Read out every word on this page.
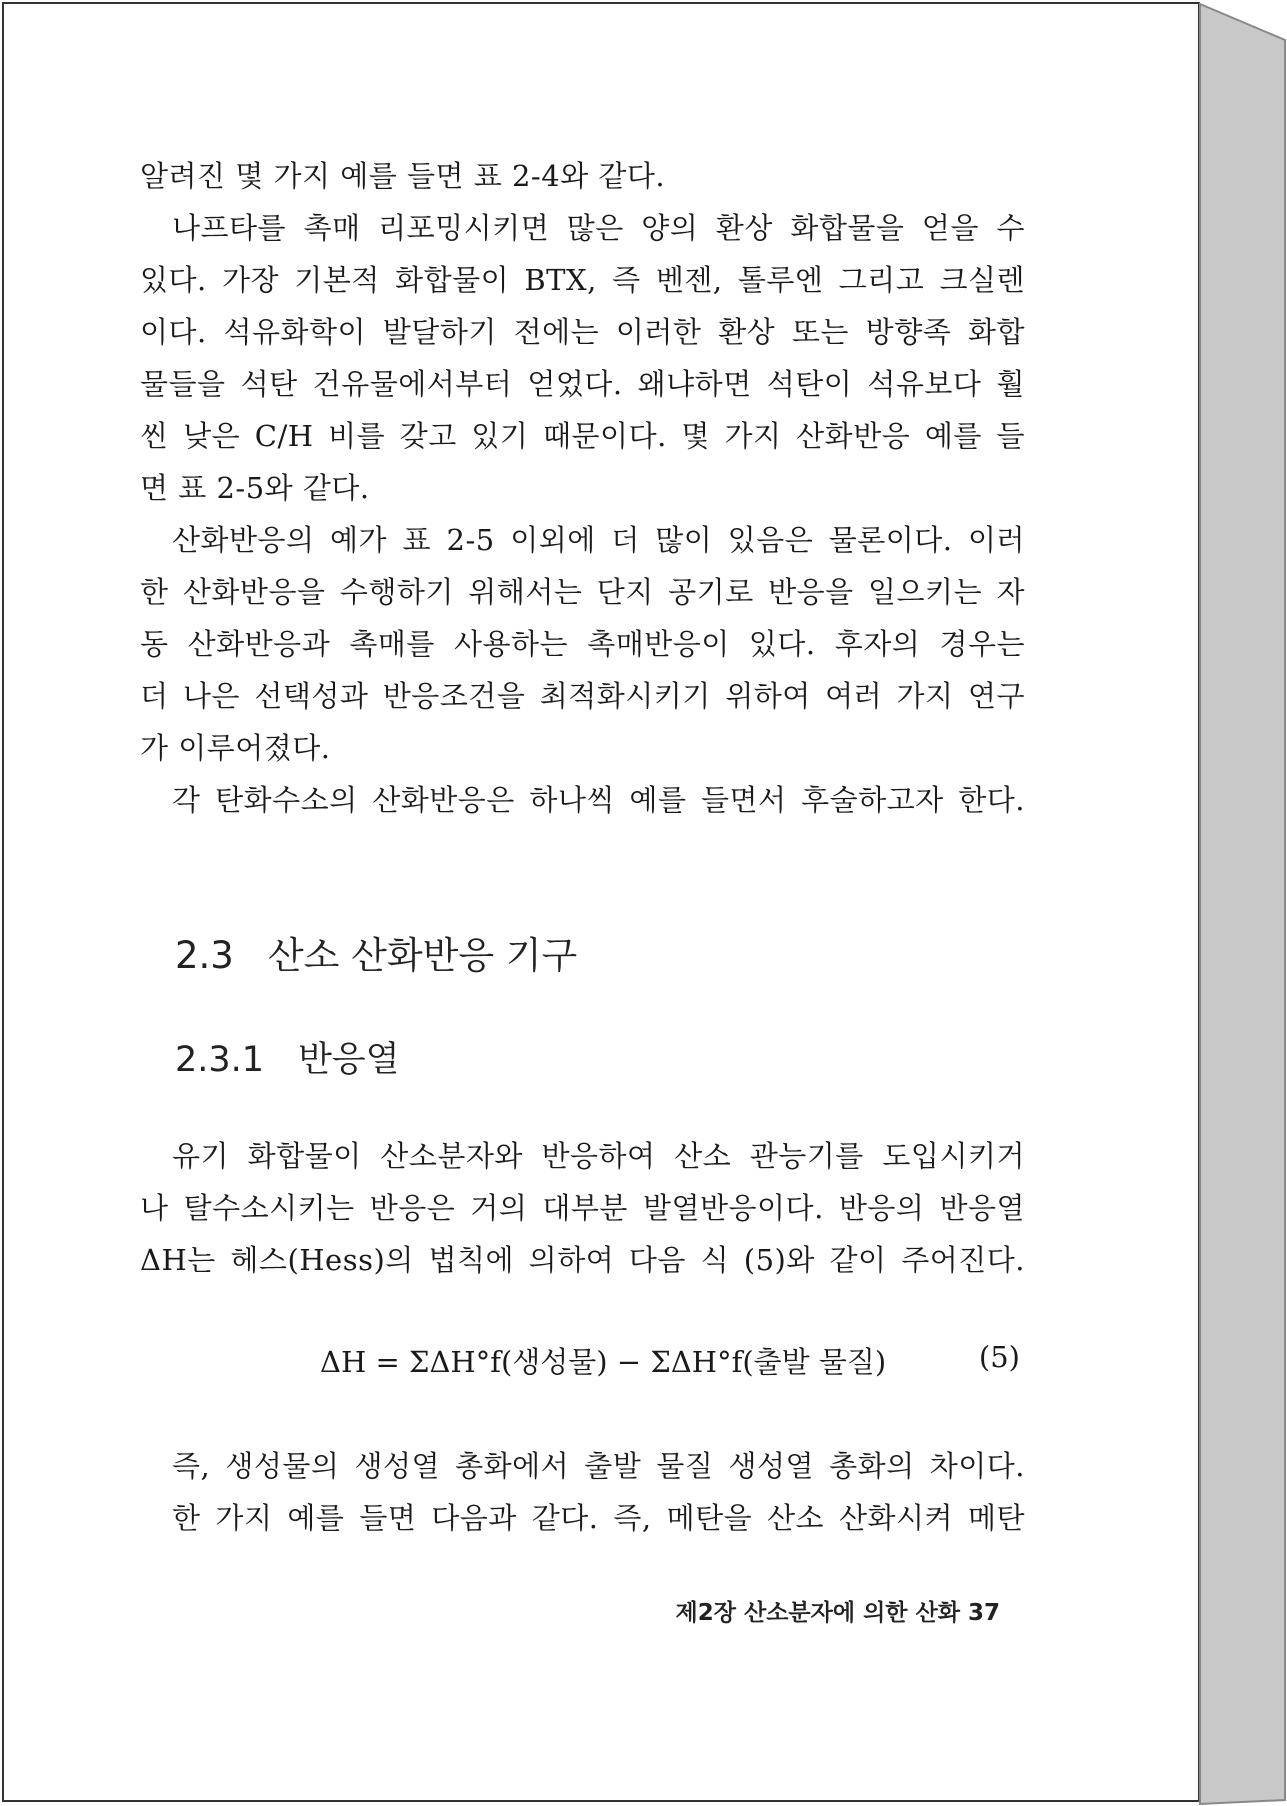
알려진 몇 가지 예를 들면 표 2-4와 같다.
나프타를 촉매 리포밍시키면 많은 양의 환상 화합물을 얻을 수
있다. 가장 기본적 화합물이 BTX, 즉 벤젠, 톨루엔 그리고 크실렌
이다. 석유화학이 발달하기 전에는 이러한 환상 또는 방향족 화합
물들을 석탄 건유물에서부터 얻었다. 왜냐하면 석탄이 석유보다 훨
씬 낮은 C/H 비를 갖고 있기 때문이다. 몇 가지 산화반응 예를 들
면 표 2-5와 같다.
산화반응의 예가 표 2-5 이외에 더 많이 있음은 물론이다. 이러
한 산화반응을 수행하기 위해서는 단지 공기로 반응을 일으키는 자
동 산화반응과 촉매를 사용하는 촉매반응이 있다. 후자의 경우는
더 나은 선택성과 반응조건을 최적화시키기 위하여 여러 가지 연구
가 이루어졌다.
각 탄화수소의 산화반응은 하나씩 예를 들면서 후술하고자 한다.
2.3 산소 산화반응 기구
2.3.1 반응열
유기 화합물이 산소분자와 반응하여 산소 관능기를 도입시키거
나 탈수소시키는 반응은 거의 대부분 발열반응이다. 반응의 반응열
ΔH는 헤스(Hess)의 법칙에 의하여 다음 식 (5)와 같이 주어진다.
ΔH = ΣΔH°f(생성물) − ΣΔH°f(출발 물질)	(5)
즉, 생성물의 생성열 총화에서 출발 물질 생성열 총화의 차이다.
한 가지 예를 들면 다음과 같다. 즉, 메탄을 산소 산화시켜 메탄
제2장 산소분자에 의한 산화 37
